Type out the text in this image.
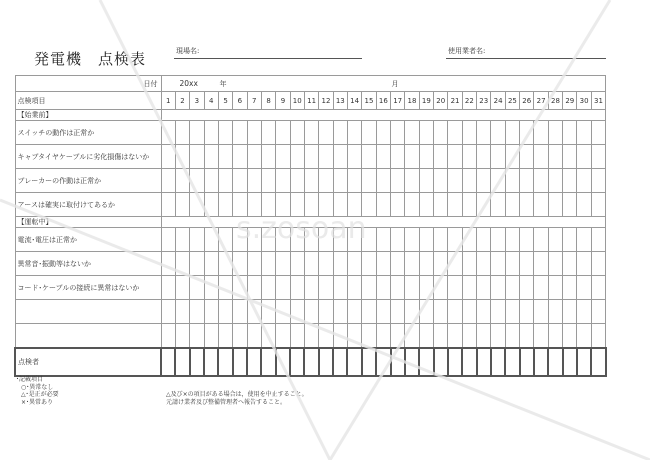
発電機　点検表	現場名:	使用業者名:
日付	20xx 年 月																														

点検項目	1	2	3	4	5	6	7	8	9	10	11	12	13	14	15	16	17	18	19	20	21	22	23	24	25	26	27	28	29	30	31
【始業前】																															
スイッチの動作は正常か																															
キャブタイヤケーブルに劣化損傷はないか																															
ブレーカーの作動は正常か																															
アースは確実に取付けてあるか																															
【運転中】																															
電流･電圧は正常か																															
異常音･振動等はないか																															
コード･ケーブルの接続に異常はないか																															

点検者																															
･記載項目
○･異常なし
△･是正が必要
×･異常あり
△及び×の項目がある場合は，使用を中止すること。
元請け業者及び整備管理者へ報告すること。
s.zosoan
